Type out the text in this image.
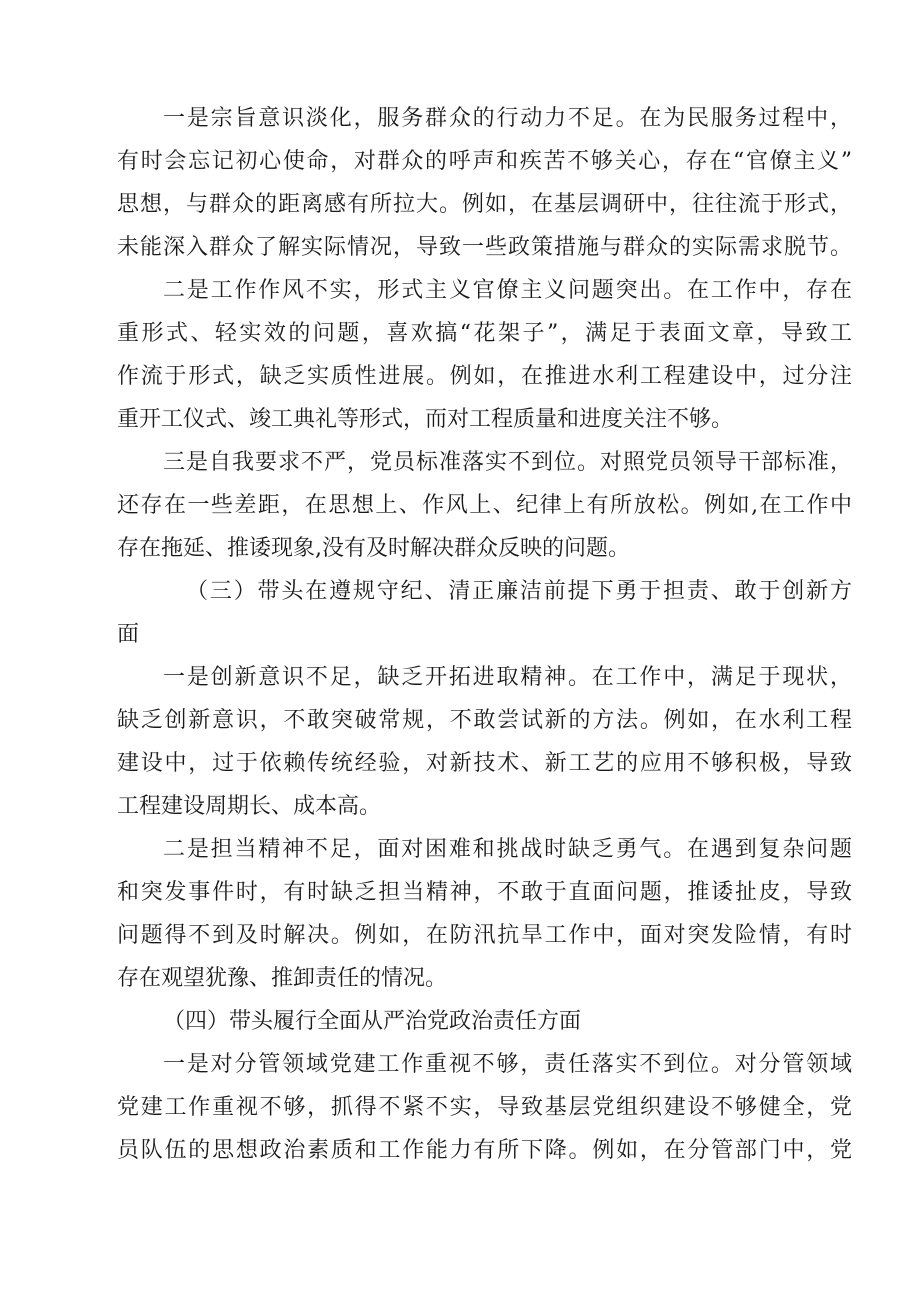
一是宗旨意识淡化，服务群众的行动力不足。在为民服务过程中，
有时会忘记初心使命，对群众的呼声和疾苦不够关心，存在“官僚主义”
思想，与群众的距离感有所拉大。例如，在基层调研中，往往流于形式，
未能深入群众了解实际情况，导致一些政策措施与群众的实际需求脱节。
二是工作作风不实，形式主义官僚主义问题突出。在工作中，存在
重形式、轻实效的问题，喜欢搞“花架子”，满足于表面文章，导致工
作流于形式，缺乏实质性进展。例如，在推进水利工程建设中，过分注
重开工仪式、竣工典礼等形式，而对工程质量和进度关注不够。
三是自我要求不严，党员标准落实不到位。对照党员领导干部标准，
还存在一些差距，在思想上、作风上、纪律上有所放松。例如,在工作中
存在拖延、推诿现象,没有及时解决群众反映的问题。
（三）带头在遵规守纪、清正廉洁前提下勇于担责、敢于创新方
面
一是创新意识不足，缺乏开拓进取精神。在工作中，满足于现状，
缺乏创新意识，不敢突破常规，不敢尝试新的方法。例如，在水利工程
建设中，过于依赖传统经验，对新技术、新工艺的应用不够积极，导致
工程建设周期长、成本高。
二是担当精神不足，面对困难和挑战时缺乏勇气。在遇到复杂问题
和突发事件时，有时缺乏担当精神，不敢于直面问题，推诿扯皮，导致
问题得不到及时解决。例如，在防汛抗旱工作中，面对突发险情，有时
存在观望犹豫、推卸责任的情况。
（四）带头履行全面从严治党政治责任方面
一是对分管领域党建工作重视不够，责任落实不到位。对分管领域
党建工作重视不够，抓得不紧不实，导致基层党组织建设不够健全，党
员队伍的思想政治素质和工作能力有所下降。例如，在分管部门中，党
